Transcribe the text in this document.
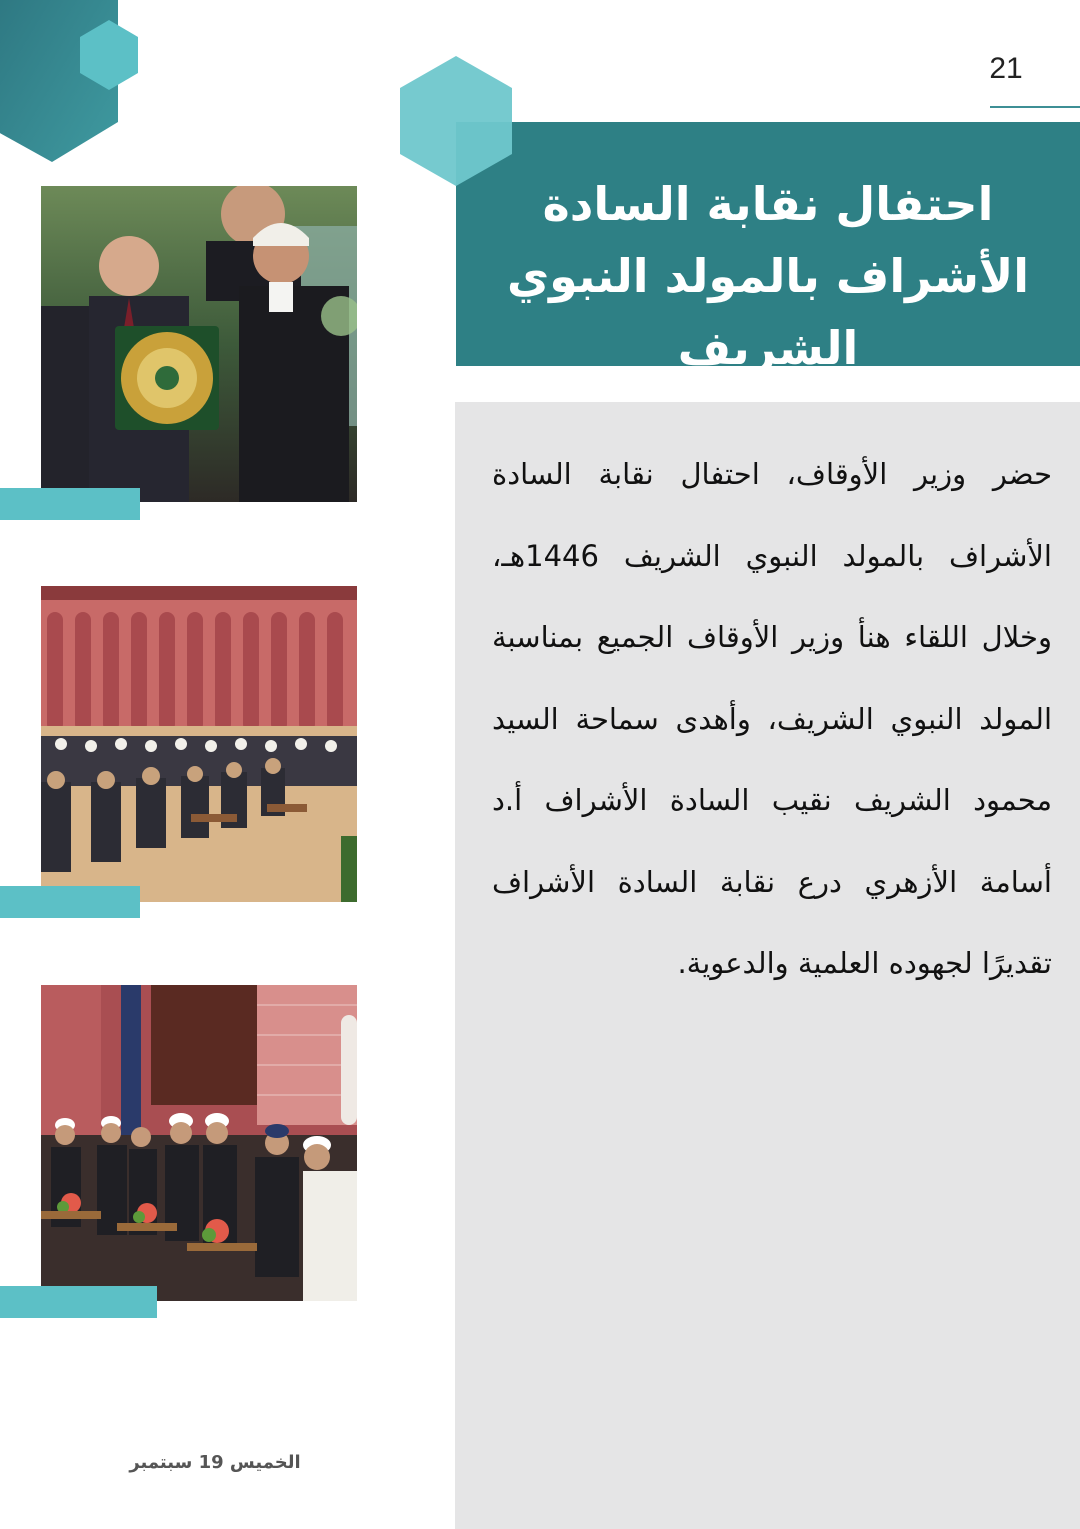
21
احتفال نقابة السادة الأشراف بالمولد النبوي الشريف
حضر وزير الأوقاف، احتفال نقابة السادة الأشراف بالمولد النبوي الشريف 1446هـ، وخلال اللقاء هنأ وزير الأوقاف الجميع بمناسبة المولد النبوي الشريف، وأهدى سماحة السيد محمود الشريف نقيب السادة الأشراف أ.د أسامة الأزهري درع نقابة السادة الأشراف تقديرًا لجهوده العلمية والدعوية.
الخميس 19 سبتمبر
